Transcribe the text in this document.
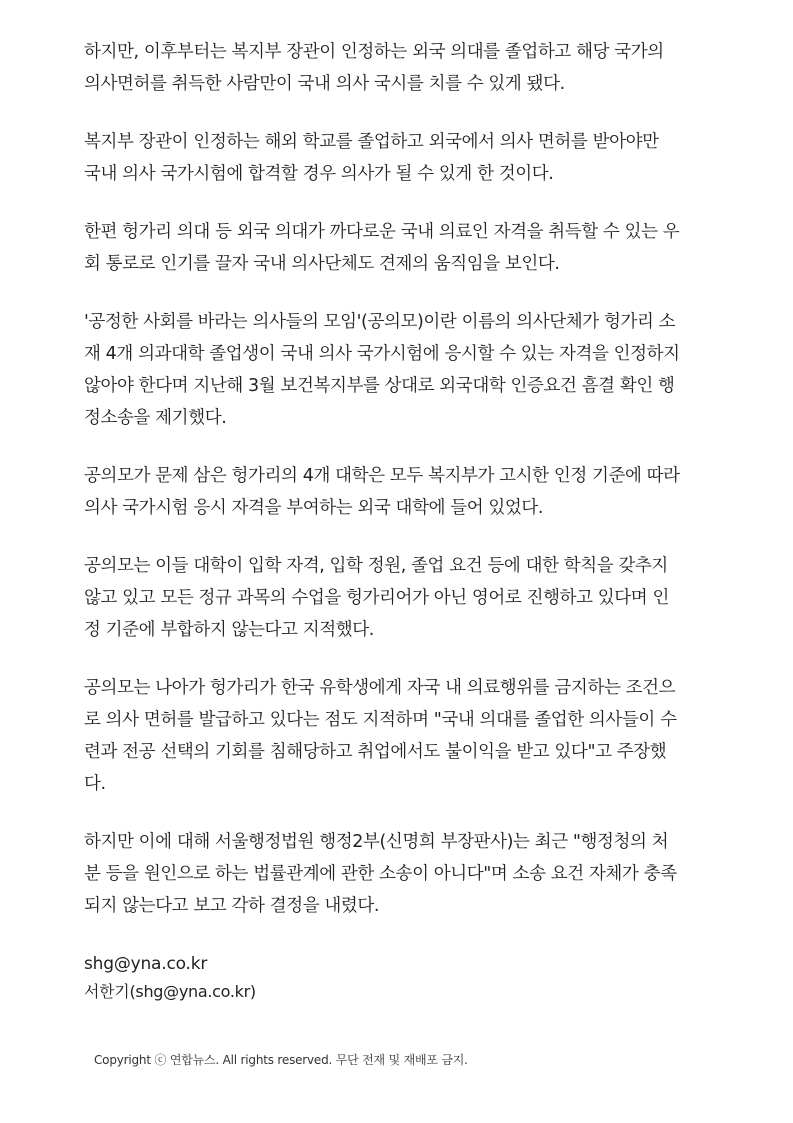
하지만, 이후부터는 복지부 장관이 인정하는 외국 의대를 졸업하고 해당 국가의
의사면허를 취득한 사람만이 국내 의사 국시를 치를 수 있게 됐다.

복지부 장관이 인정하는 해외 학교를 졸업하고 외국에서 의사 면허를 받아야만
국내 의사 국가시험에 합격할 경우 의사가 될 수 있게 한 것이다.

한편 헝가리 의대 등 외국 의대가 까다로운 국내 의료인 자격을 취득할 수 있는 우
회 통로로 인기를 끌자 국내 의사단체도 견제의 움직임을 보인다.

'공정한 사회를 바라는 의사들의 모임'(공의모)이란 이름의 의사단체가 헝가리 소
재 4개 의과대학 졸업생이 국내 의사 국가시험에 응시할 수 있는 자격을 인정하지
않아야 한다며 지난해 3월 보건복지부를 상대로 외국대학 인증요건 흠결 확인 행
정소송을 제기했다.

공의모가 문제 삼은 헝가리의 4개 대학은 모두 복지부가 고시한 인정 기준에 따라
의사 국가시험 응시 자격을 부여하는 외국 대학에 들어 있었다.

공의모는 이들 대학이 입학 자격, 입학 정원, 졸업 요건 등에 대한 학칙을 갖추지
않고 있고 모든 정규 과목의 수업을 헝가리어가 아닌 영어로 진행하고 있다며 인
정 기준에 부합하지 않는다고 지적했다.

공의모는 나아가 헝가리가 한국 유학생에게 자국 내 의료행위를 금지하는 조건으
로 의사 면허를 발급하고 있다는 점도 지적하며 "국내 의대를 졸업한 의사들이 수
련과 전공 선택의 기회를 침해당하고 취업에서도 불이익을 받고 있다"고 주장했
다.

하지만 이에 대해 서울행정법원 행정2부(신명희 부장판사)는 최근 "행정청의 처
분 등을 원인으로 하는 법률관계에 관한 소송이 아니다"며 소송 요건 자체가 충족
되지 않는다고 보고 각하 결정을 내렸다.

shg@yna.co.kr

서한기(shg@yna.co.kr)
Copyright ⓒ 연합뉴스. All rights reserved. 무단 전재 및 재배포 금지.
